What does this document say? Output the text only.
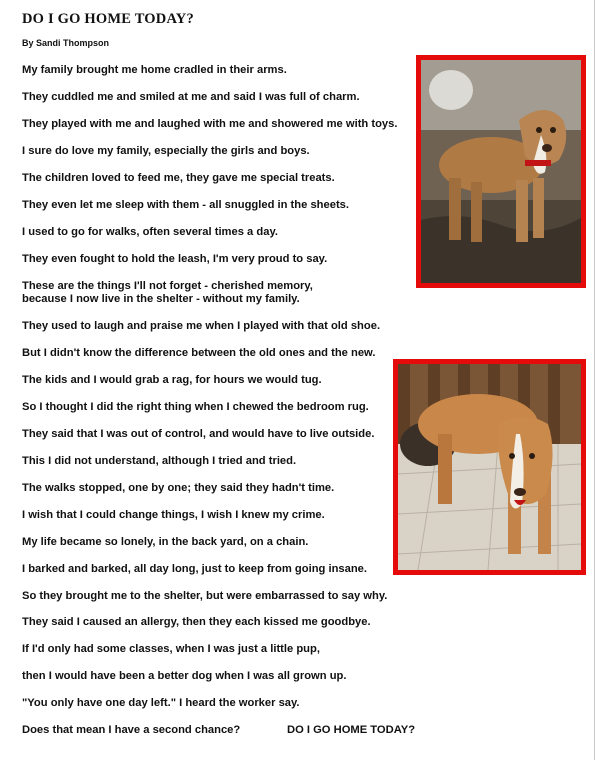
DO I GO HOME TODAY?
By Sandi Thompson
My family brought me home cradled in their arms.
They cuddled me and smiled at me and said I was full of charm.
They played with me and laughed with me and showered me with toys.
I sure do love my family, especially the girls and boys.
The children loved to feed me, they gave me special treats.
They even let me sleep with them - all snuggled in the sheets.
I used to go for walks, often several times a day.
They even fought to hold the leash, I'm very proud to say.
These are the things I'll not forget - cherished memory,
because I now live in the shelter - without my family.
They used to laugh and praise me when I played with that old shoe.
But I didn't know the difference between the old ones and the new.
The kids and I would grab a rag, for hours we would tug.
So I thought I did the right thing when I chewed the bedroom rug.
They said that I was out of control, and would have to live outside.
This I did not understand, although I tried and tried.
The walks stopped, one by one; they said they hadn't time.
I wish that I could change things, I wish I knew my crime.
My life became so lonely, in the back yard, on a chain.
I barked and barked, all day long, just to keep from going insane.
So they brought me to the shelter, but were embarrassed to say why.
They said I caused an allergy, then they each kissed me goodbye.
If I'd only had some classes, when I was just a little pup,
then I would have been a better dog when I was all grown up.
"You only have one day left." I heard the worker say.
Does that mean I have a second chance?	DO I GO HOME TODAY?
